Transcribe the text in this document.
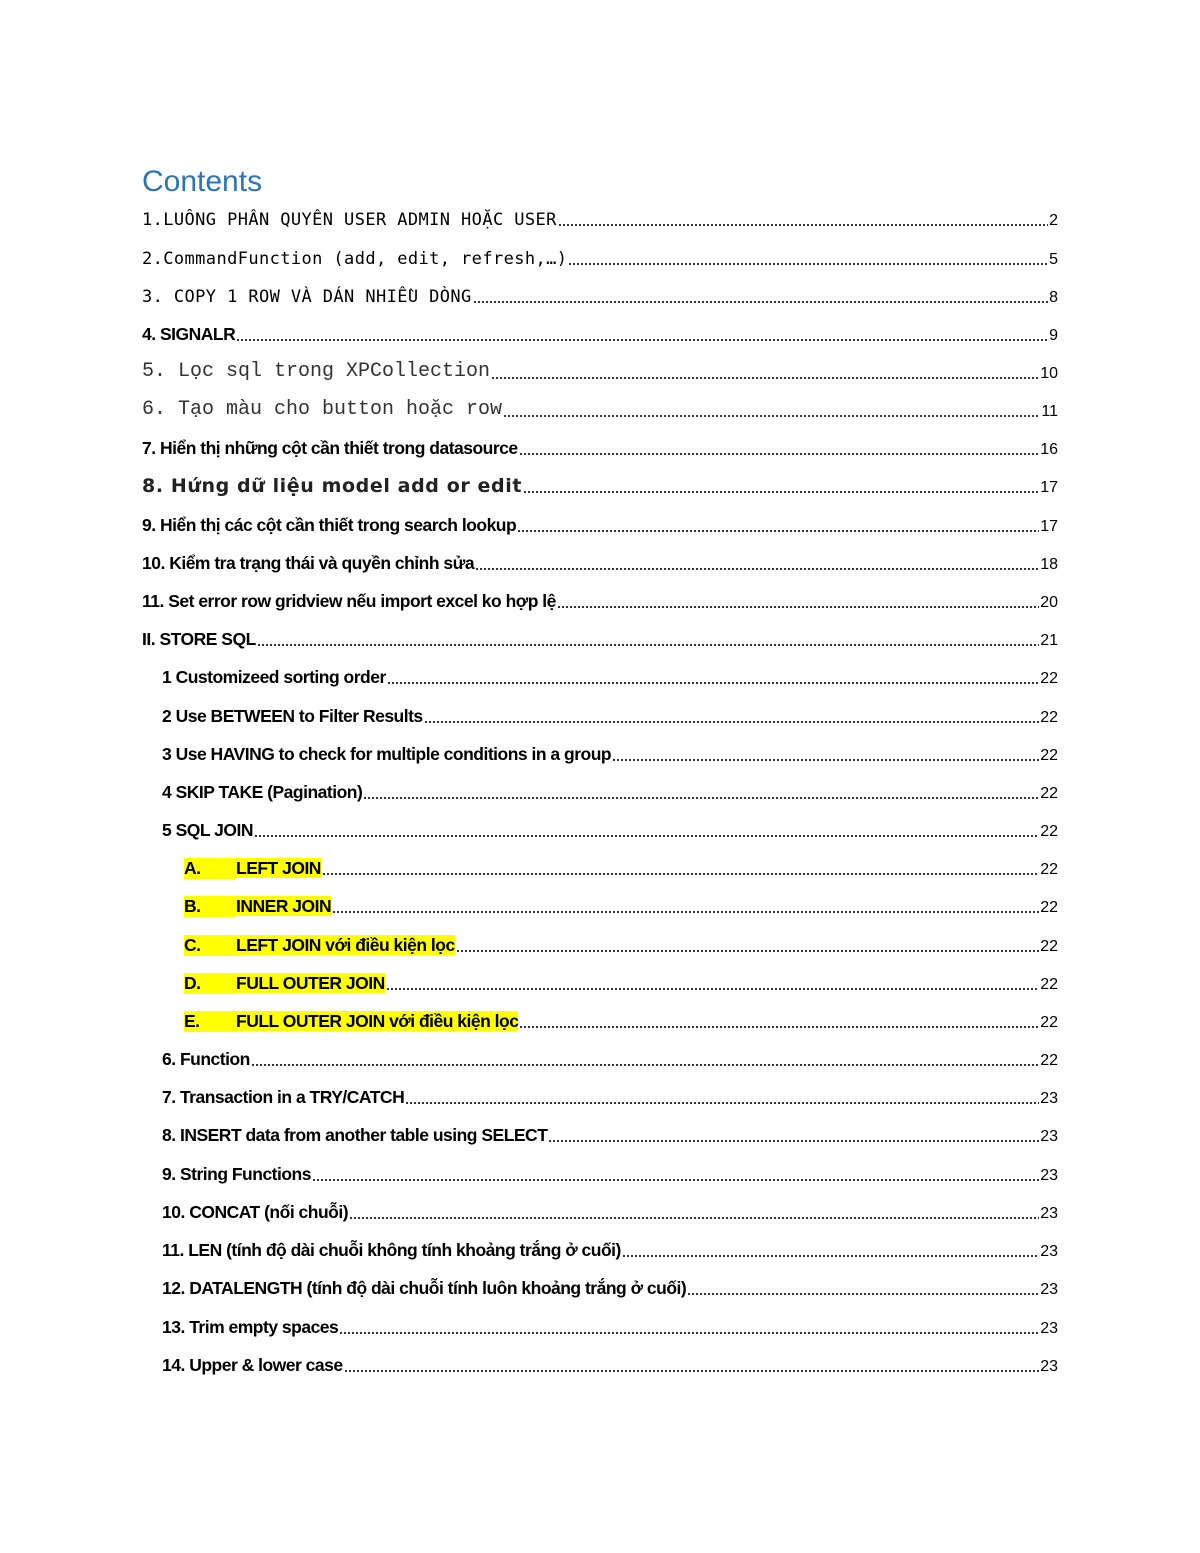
Contents
1.LUÔNG PHÂN QUYÊN USER ADMIN HOẶC USER	2
2.CommandFunction (add, edit, refresh,…)	5
3. COPY 1 ROW VÀ DÁN NHIỀU DÒNG	8
4. SIGNALR	9
5. Lọc sql trong XPCollection	10
6. Tạo màu cho button hoặc row	11
7. Hiển thị những cột cần thiết trong datasource	16
8. Hứng dữ liệu model add or edit	17
9. Hiển thị các cột cần thiết trong search lookup	17
10. Kiểm tra trạng thái và quyền chỉnh sửa	18
11. Set error row gridview nếu import excel ko hợp lệ	20
II. STORE SQL	21
1 Customizeed sorting order	22
2 Use BETWEEN to Filter Results	22
3 Use HAVING to check for multiple conditions in a group	22
4 SKIP TAKE (Pagination)	22
5 SQL JOIN	22
A. LEFT JOIN	22
B. INNER JOIN	22
C. LEFT JOIN với điều kiện lọc	22
D. FULL OUTER JOIN	22
E. FULL OUTER JOIN với điều kiện lọc	22
6. Function	22
7. Transaction in a TRY/CATCH	23
8. INSERT data from another table using SELECT	23
9. String Functions	23
10. CONCAT (nối chuỗi)	23
11. LEN (tính độ dài chuỗi không tính khoảng trắng ở cuối)	23
12. DATALENGTH (tính độ dài chuỗi tính luôn khoảng trắng ở cuối)	23
13. Trim empty spaces	23
14. Upper & lower case	23
